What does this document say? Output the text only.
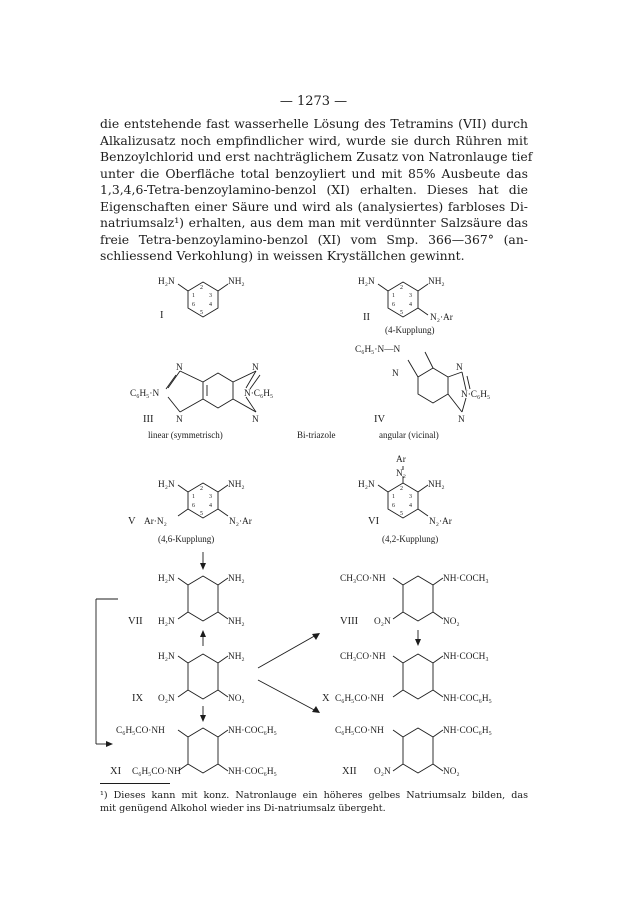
— 1273 —
die entstehende fast wasserhelle Lösung des Tetramins (VII) durch
Alkalizusatz noch empfindlicher wird, wurde sie durch Rühren mit
Benzoylchlorid und erst nachträglichem Zusatz von Natronlauge tief
unter die Oberfläche total benzoyliert und mit 85% Ausbeute das
1,3,4,6-Tetra-benzoylamino-benzol (XI) erhalten. Dieses hat die
Eigenschaften einer Säure und wird als (analysiertes) farbloses Di-
natriumsalz¹) erhalten, aus dem man mit verdünnter Salzsäure das
freie Tetra-benzoylamino-benzol (XI) vom Smp. 366—367° (an-
schliessend Verkohlung) in weissen Kryställchen gewinnt.
H₂N	NH₂
2
1 3
4
6
5
I
H₂N	NH₂
N₂·Ar
2
1 3
4
6
5
II
(4-Kupplung)
N	N
N	N
C₆H₅·N	N·C₆H₅
III
linear (symmetrisch)	Bi-triazole
C₆H₅·N—N
N
N
N
N·C₆H₅
IV
angular (vicinal)
H₂N	NH₂
Ar·N₂	N₂·Ar
2
1 3
4
6
5
V
(4,6-Kupplung)
Ar
N₂
H₂N	NH₂
N₂·Ar
2
1 3
4
6
5
VI
(4,2-Kupplung)
H₂N	NH₂
H₂N	NH₂
VII
H₂N	NH₂
O₂N	NO₂
IX
C₆H₅CO·NH	NH·COC₆H₅
C₆H₅CO·NH	NH·COC₆H₅
XI
CH₃CO·NH	NH·COCH₃
O₂N	NO₂
VIII
CH₃CO·NH	NH·COCH₃
C₆H₅CO·NH	NH·COC₆H₅
X
C₆H₅CO·NH	NH·COC₆H₅
O₂N	NO₂
XII
¹) Dieses kann mit konz. Natronlauge ein höheres gelbes Natriumsalz bilden, das
mit genügend Alkohol wieder ins Di-natriumsalz übergeht.
